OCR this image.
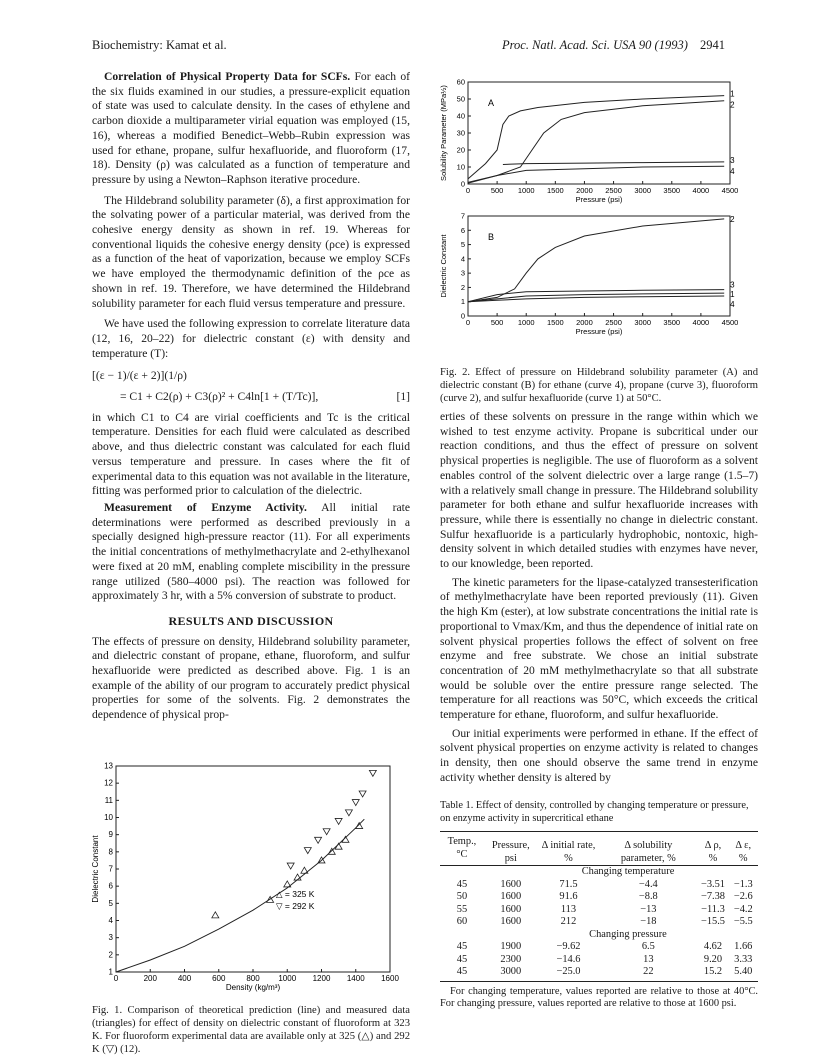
Biochemistry: Kamat et al.	Proc. Natl. Acad. Sci. USA 90 (1993) 2941

Correlation of Physical Property Data for SCFs. For each of the six fluids examined in our studies, a pressure-explicit equation of state was used to calculate density. In the cases of ethylene and carbon dioxide a multiparameter virial equation was employed (15, 16), whereas a modified Benedict–Webb–Rubin expression was used for ethane, propane, sulfur hexafluoride, and fluoroform (17, 18). Density (ρ) was calculated as a function of temperature and pressure by using a Newton–Raphson iterative procedure.

The Hildebrand solubility parameter (δ), a first approximation for the solvating power of a particular material, was derived from the cohesive energy density as shown in ref. 19. Whereas for conventional liquids the cohesive energy density (ρce) is expressed as a function of the heat of vaporization, because we employ SCFs we have employed the thermodynamic definition of the ρce as shown in ref. 19. Therefore, we have determined the Hildebrand solubility parameter for each fluid versus temperature and pressure.

We have used the following expression to correlate literature data (12, 16, 20–22) for dielectric constant (ε) with density and temperature (T):

[(ε − 1)/(ε + 2)](1/ρ)
= C1 + C2(ρ) + C3(ρ)² + C4ln[1 + (T/Tc)],	[1]

in which C1 to C4 are virial coefficients and Tc is the critical temperature. Densities for each fluid were calculated as described above, and thus dielectric constant was calculated for each fluid versus temperature and pressure. In cases where the fit of experimental data to this equation was not available in the literature, fitting was performed prior to calculation of the dielectric.

Measurement of Enzyme Activity. All initial rate determinations were performed as described previously in a specially designed high-pressure reactor (11). For all experiments the initial concentrations of methylmethacrylate and 2-ethylhexanol were fixed at 20 mM, enabling complete miscibility in the pressure range utilized (580–4000 psi). The reaction was followed for approximately 3 hr, with a 5% conversion of substrate to product.

RESULTS AND DISCUSSION

The effects of pressure on density, Hildebrand solubility parameter, and dielectric constant of propane, ethane, fluoroform, and sulfur hexafluoride were predicted as described above. Fig. 1 is an example of the ability of our program to accurately predict physical properties for some of the solvents. Fig. 2 demonstrates the dependence of physical prop-

0	200	400	600	800 1000 1200 1400 1600
1
2
3
4
5
6
7
8
9
10
11
12
13
Density (kg/m³)
Dielectric Constant	△ = 325 K
▽ = 292 K
Fig. 1. Comparison of theoretical prediction (line) and measured data (triangles) for effect of density on dielectric constant of fluoroform at 323 K. For fluoroform experimental data are available only at 325 (△) and 292 K (▽) (12).
0	500 1000 1500 2000 2500 3000 3500 4000 4500
0
10
20
30
40
50
60
Pressure (psi)
Solubility Parameter (MPa½)	A
1
2
3
4
0	500 1000 1500 2000 2500 3000 3500 4000 4500
0
1
2
3
4
5
6
7
Pressure (psi)
Dielectric Constant	B
2
3
1
4
Fig. 2. Effect of pressure on Hildebrand solubility parameter (A) and dielectric constant (B) for ethane (curve 4), propane (curve 3), fluoroform (curve 2), and sulfur hexafluoride (curve 1) at 50°C.

erties of these solvents on pressure in the range within which we wished to test enzyme activity. Propane is subcritical under our reaction conditions, and thus the effect of pressure on solvent physical properties is negligible. The use of fluoroform as a solvent enables control of the solvent dielectric over a large range (1.5–7) with a relatively small change in pressure. The Hildebrand solubility parameter for both ethane and sulfur hexafluoride increases with pressure, while there is essentially no change in dielectric constant. Sulfur hexafluoride is a particularly hydrophobic, nontoxic, high-density solvent in which detailed studies with enzymes have never, to our knowledge, been reported.

The kinetic parameters for the lipase-catalyzed transesterification of methylmethacrylate have been reported previously (11). Given the high Km (ester), at low substrate concentrations the initial rate is proportional to Vmax/Km, and thus the dependence of initial rate on solvent physical properties follows the effect of solvent on free enzyme and free substrate. We chose an initial substrate concentration of 20 mM methylmethacrylate so that all substrate would be soluble over the entire pressure range selected. The temperature for all reactions was 50°C, which exceeds the critical temperature for ethane, fluoroform, and sulfur hexafluoride.

Our initial experiments were performed in ethane. If the effect of solvent physical properties on enzyme activity is related to changes in density, then one should observe the same trend in enzyme activity whether density is altered by

Table 1. Effect of density, controlled by changing temperature or pressure, on enzyme activity in supercritical ethane
Temp., °C	Pressure, psi	Δ initial rate, %	Δ solubility parameter, %	Δ ρ, %	Δ ε, %
Changing temperature					
45	1600	71.5	−4.4	−3.51	−1.3
50	1600	91.6	−8.8	−7.38	−2.6
55	1600	113	−13	−11.3	−4.2
60	1600	212	−18	−15.5	−5.5
Changing pressure					
45	1900	−9.62	6.5	4.62	1.66
45	2300	−14.6	13	9.20	3.33
45	3000	−25.0	22	15.2	5.40
For changing temperature, values reported are relative to those at 40°C. For changing pressure, values reported are relative to those at 1600 psi.
